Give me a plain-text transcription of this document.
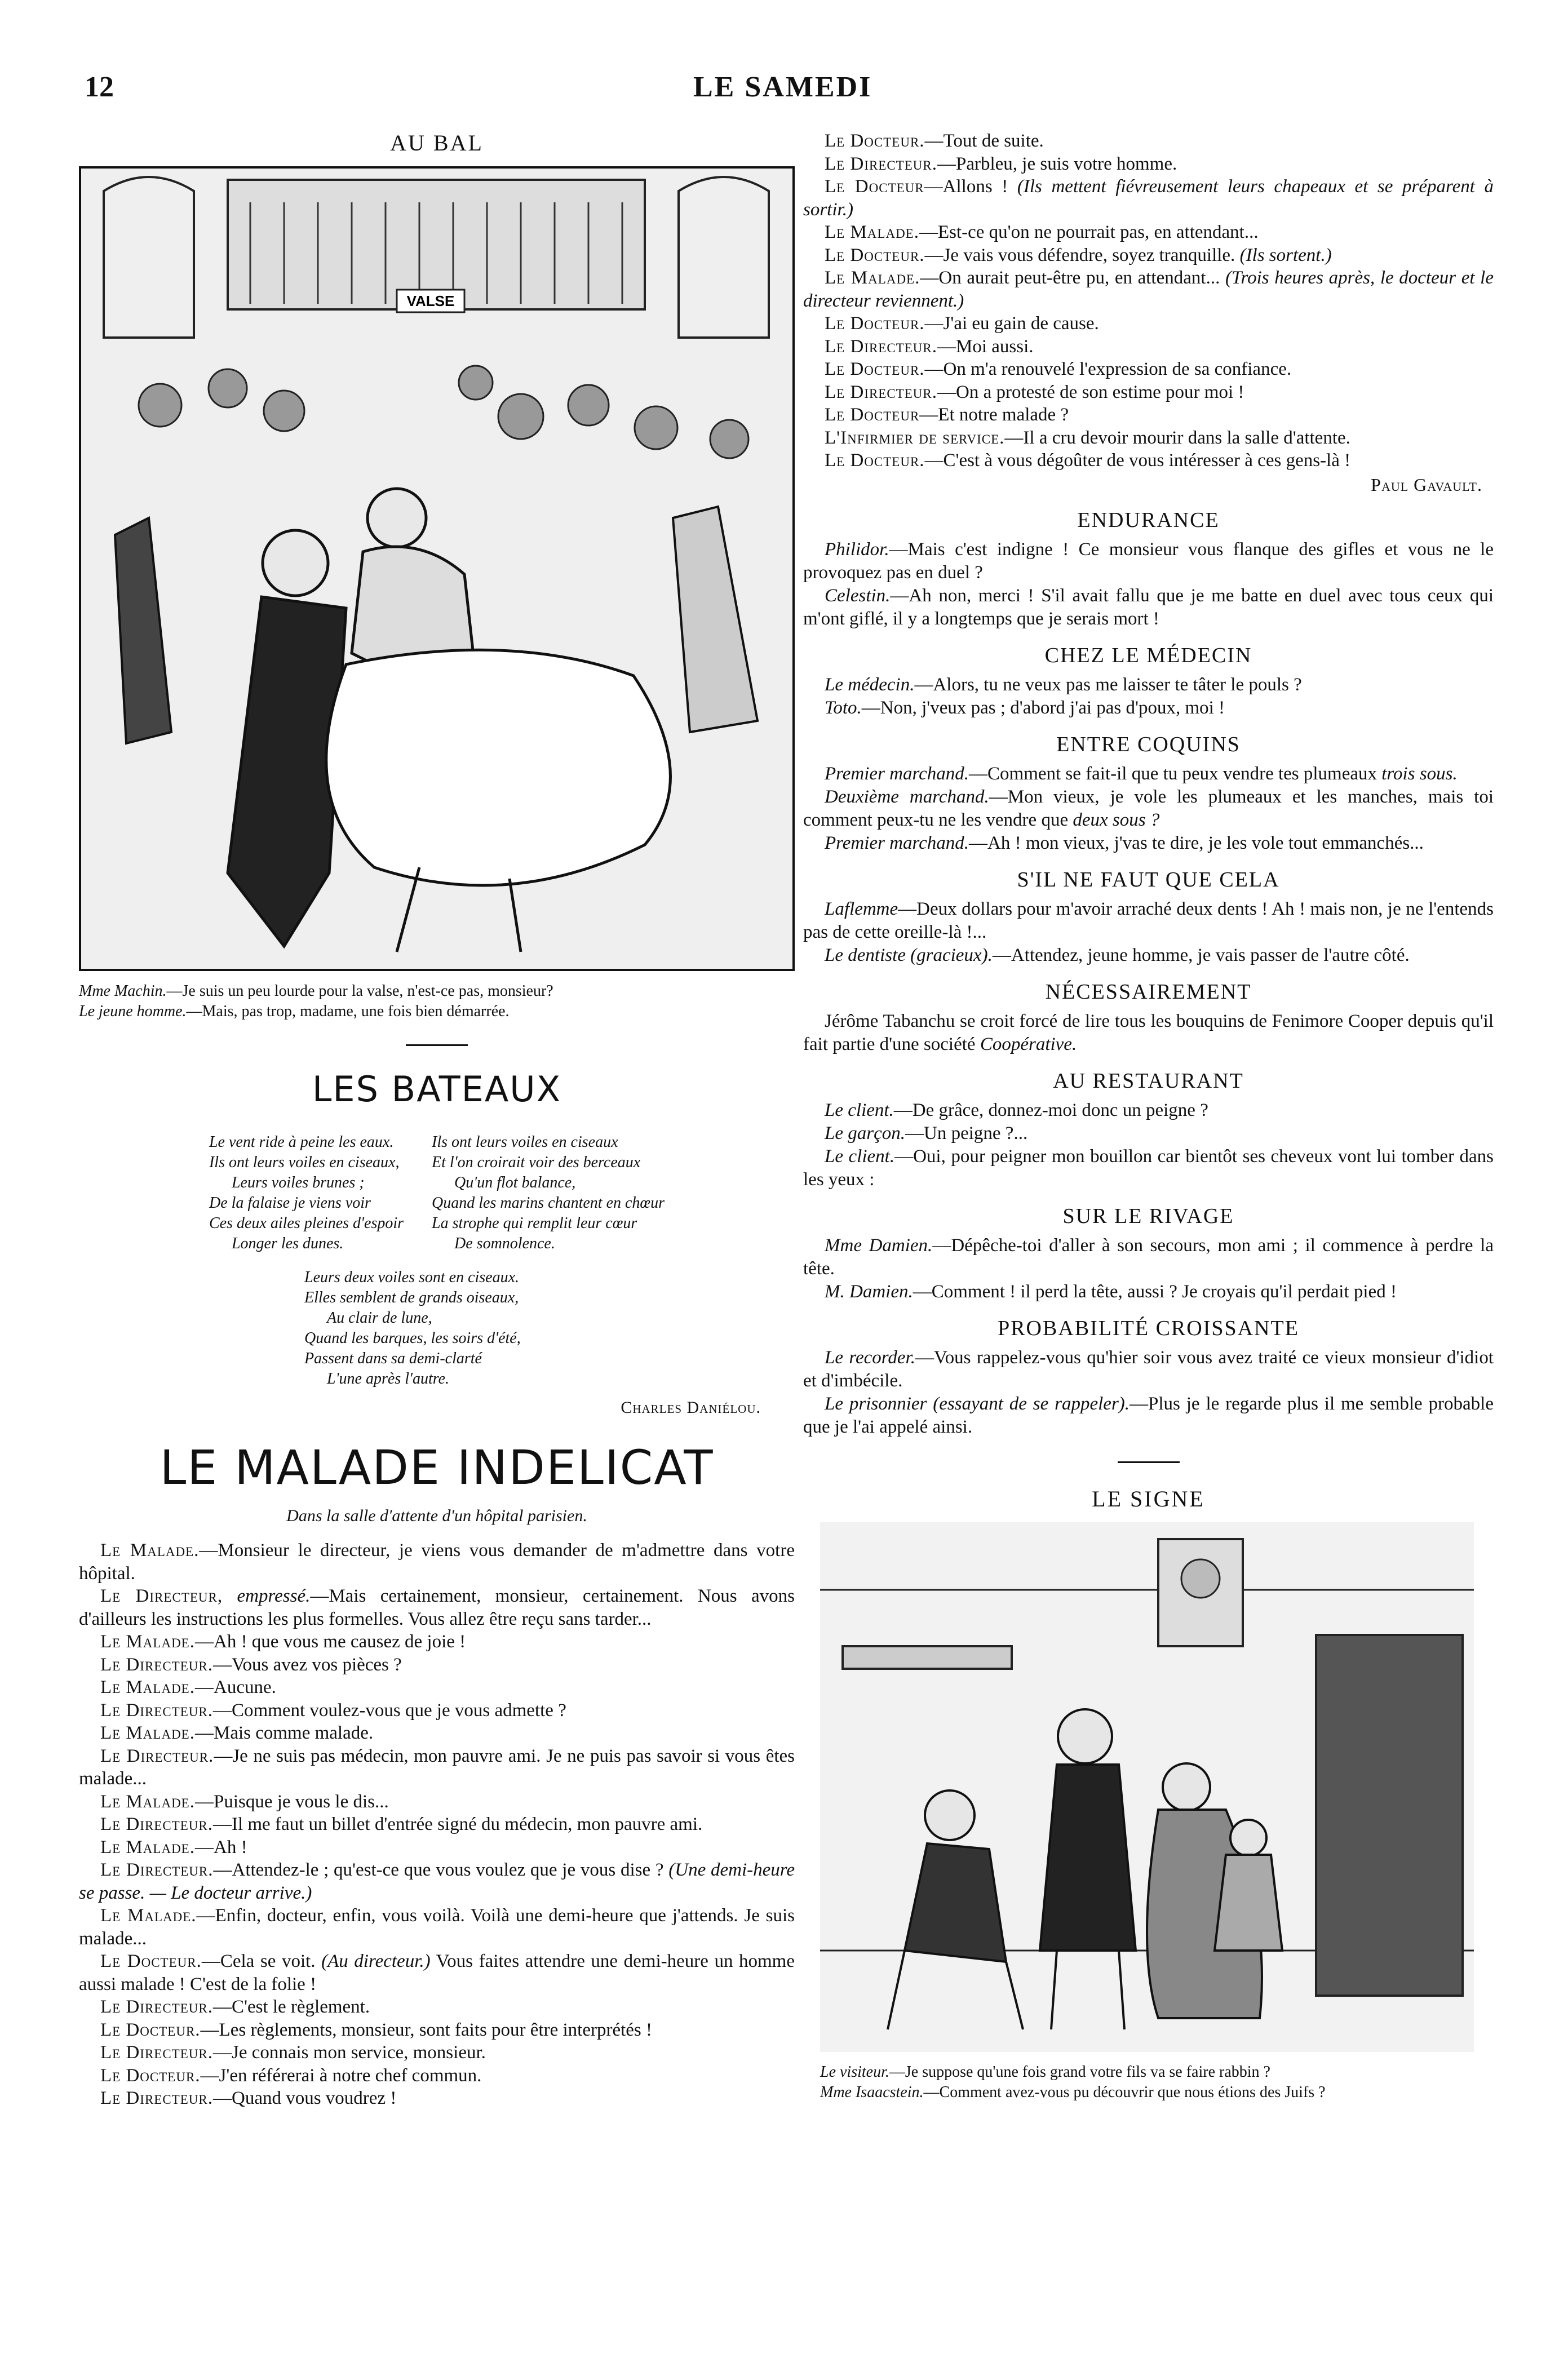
12	LE SAMEDI
AU BAL
VALSE
Mme Machin.—Je suis un peu lourde pour la valse, n'est-ce pas, monsieur?
Le jeune homme.—Mais, pas trop, madame, une fois bien démarrée.
LES BATEAUX

Le vent ride à peine les eaux.

Ils ont leurs voiles en ciseaux,

Leurs voiles brunes ;

De la falaise je viens voir

Ces deux ailes pleines d'espoir

Longer les dunes.

Ils ont leurs voiles en ciseaux

Et l'on croirait voir des berceaux

Qu'un flot balance,

Quand les marins chantent en chœur

La strophe qui remplit leur cœur

De somnolence.

Leurs deux voiles sont en ciseaux.

Elles semblent de grands oiseaux,

Au clair de lune,

Quand les barques, les soirs d'été,

Passent dans sa demi-clarté

L'une après l'autre.

Charles Daniélou.
LE MALADE INDELICAT
Dans la salle d'attente d'un hôpital parisien.

Le Malade.—Monsieur le directeur, je viens vous demander de m'admettre dans votre hôpital.

Le Directeur, empressé.—Mais certainement, monsieur, certainement. Nous avons d'ailleurs les instructions les plus formelles. Vous allez être reçu sans tarder...

Le Malade.—Ah ! que vous me causez de joie !

Le Directeur.—Vous avez vos pièces ?

Le Malade.—Aucune.

Le Directeur.—Comment voulez-vous que je vous admette ?

Le Malade.—Mais comme malade.

Le Directeur.—Je ne suis pas médecin, mon pauvre ami. Je ne puis pas savoir si vous êtes malade...

Le Malade.—Puisque je vous le dis...

Le Directeur.—Il me faut un billet d'entrée signé du médecin, mon pauvre ami.

Le Malade.—Ah !

Le Directeur.—Attendez-le ; qu'est-ce que vous voulez que je vous dise ? (Une demi-heure se passe. — Le docteur arrive.)

Le Malade.—Enfin, docteur, enfin, vous voilà. Voilà une demi-heure que j'attends. Je suis malade...

Le Docteur.—Cela se voit. (Au directeur.) Vous faites attendre une demi-heure un homme aussi malade ! C'est de la folie !

Le Directeur.—C'est le règlement.

Le Docteur.—Les règlements, monsieur, sont faits pour être interprétés !

Le Directeur.—Je connais mon service, monsieur.

Le Docteur.—J'en référerai à notre chef commun.

Le Directeur.—Quand vous voudrez !

Le Docteur.—Tout de suite.

Le Directeur.—Parbleu, je suis votre homme.

Le Docteur—Allons ! (Ils mettent fiévreusement leurs chapeaux et se préparent à sortir.)

Le Malade.—Est-ce qu'on ne pourrait pas, en attendant...

Le Docteur.—Je vais vous défendre, soyez tranquille. (Ils sortent.)

Le Malade.—On aurait peut-être pu, en attendant... (Trois heures après, le docteur et le directeur reviennent.)

Le Docteur.—J'ai eu gain de cause.

Le Directeur.—Moi aussi.

Le Docteur.—On m'a renouvelé l'expression de sa confiance.

Le Directeur.—On a protesté de son estime pour moi !

Le Docteur—Et notre malade ?

L'Infirmier de service.—Il a cru devoir mourir dans la salle d'attente.

Le Docteur.—C'est à vous dégoûter de vous intéresser à ces gens-là !

Paul Gavault.
ENDURANCE

Philidor.—Mais c'est indigne ! Ce monsieur vous flanque des gifles et vous ne le provoquez pas en duel ?

Celestin.—Ah non, merci ! S'il avait fallu que je me batte en duel avec tous ceux qui m'ont giflé, il y a longtemps que je serais mort !

CHEZ LE MÉDECIN

Le médecin.—Alors, tu ne veux pas me laisser te tâter le pouls ?

Toto.—Non, j'veux pas ; d'abord j'ai pas d'poux, moi !

ENTRE COQUINS

Premier marchand.—Comment se fait-il que tu peux vendre tes plumeaux trois sous.

Deuxième marchand.—Mon vieux, je vole les plumeaux et les manches, mais toi comment peux-tu ne les vendre que deux sous ?

Premier marchand.—Ah ! mon vieux, j'vas te dire, je les vole tout emmanchés...

S'IL NE FAUT QUE CELA

Laflemme—Deux dollars pour m'avoir arraché deux dents ! Ah ! mais non, je ne l'entends pas de cette oreille-là !...

Le dentiste (gracieux).—Attendez, jeune homme, je vais passer de l'autre côté.

NÉCESSAIREMENT

Jérôme Tabanchu se croit forcé de lire tous les bouquins de Fenimore Cooper depuis qu'il fait partie d'une société Coopérative.

AU RESTAURANT

Le client.—De grâce, donnez-moi donc un peigne ?

Le garçon.—Un peigne ?...

Le client.—Oui, pour peigner mon bouillon car bientôt ses cheveux vont lui tomber dans les yeux :

SUR LE RIVAGE

Mme Damien.—Dépêche-toi d'aller à son secours, mon ami ; il commence à perdre la tête.

M. Damien.—Comment ! il perd la tête, aussi ? Je croyais qu'il perdait pied !

PROBABILITÉ CROISSANTE

Le recorder.—Vous rappelez-vous qu'hier soir vous avez traité ce vieux monsieur d'idiot et d'imbécile.

Le prisonnier (essayant de se rappeler).—Plus je le regarde plus il me semble probable que je l'ai appelé ainsi.

LE SIGNE
Le visiteur.—Je suppose qu'une fois grand votre fils va se faire rabbin ?
Mme Isaacstein.—Comment avez-vous pu découvrir que nous étions des Juifs ?
